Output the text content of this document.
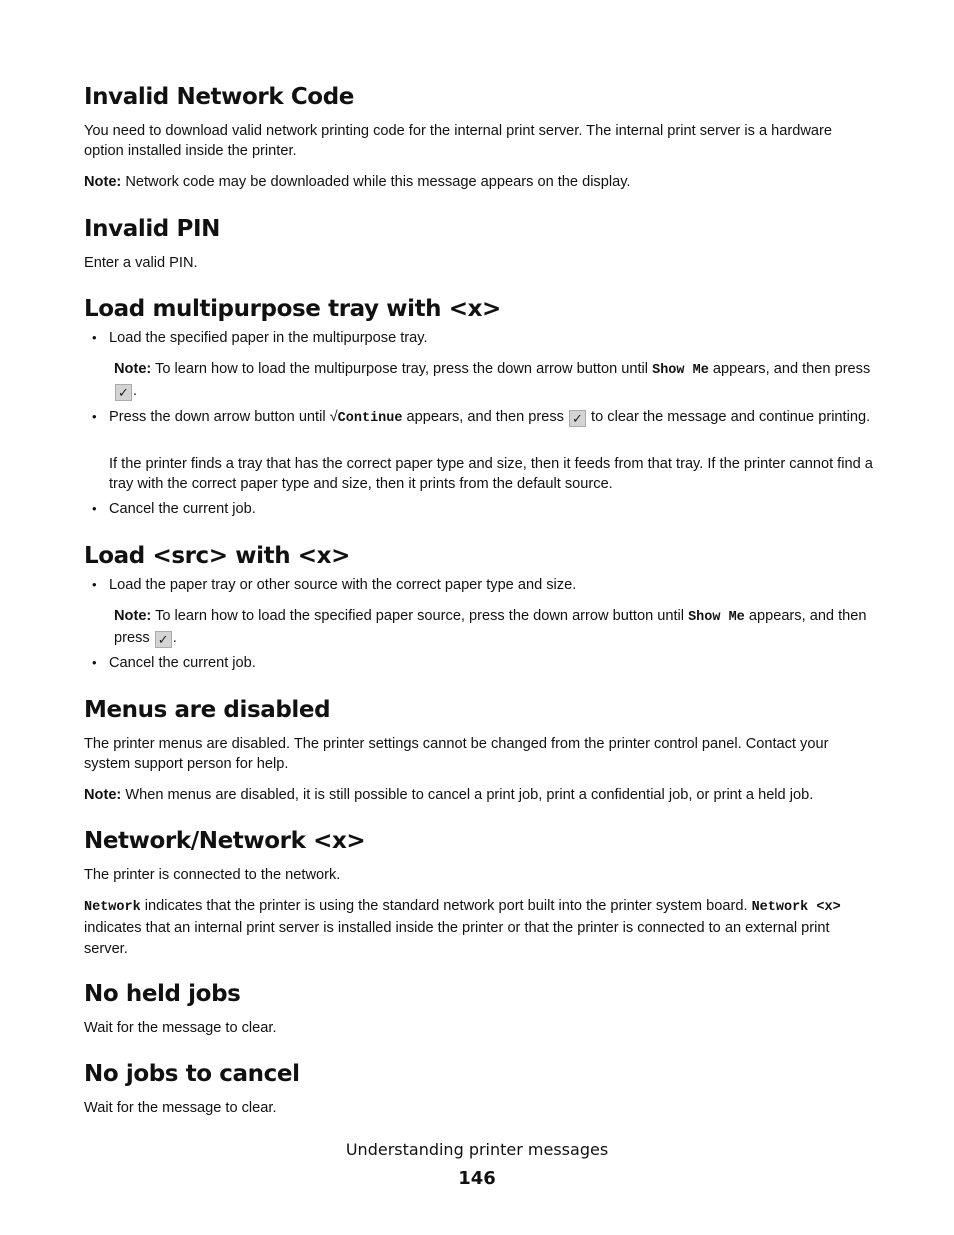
Invalid Network Code

You need to download valid network printing code for the internal print server. The internal print server is a hardware option installed inside the printer.

Note: Network code may be downloaded while this message appears on the display.

Invalid PIN

Enter a valid PIN.

Load multipurpose tray with <x>
• Load the specified paper in the multipurpose tray.
Note: To learn how to load the multipurpose tray, press the down arrow button until Show Me appears, and then press ✓ .
• Press the down arrow button until √Continue appears, and then press ✓ to clear the message and continue printing.
If the printer finds a tray that has the correct paper type and size, then it feeds from that tray. If the printer cannot find a tray with the correct paper type and size, then it prints from the default source.
• Cancel the current job.
Load <src> with <x>
• Load the paper tray or other source with the correct paper type and size.
Note: To learn how to load the specified paper source, press the down arrow button until Show Me appears, and then press ✓ .
• Cancel the current job.
Menus are disabled

The printer menus are disabled. The printer settings cannot be changed from the printer control panel. Contact your system support person for help.

Note: When menus are disabled, it is still possible to cancel a print job, print a confidential job, or print a held job.

Network/Network <x>

The printer is connected to the network.

Network indicates that the printer is using the standard network port built into the printer system board. Network <x> indicates that an internal print server is installed inside the printer or that the printer is connected to an external print server.

No held jobs

Wait for the message to clear.

No jobs to cancel

Wait for the message to clear.

Understanding printer messages
146
